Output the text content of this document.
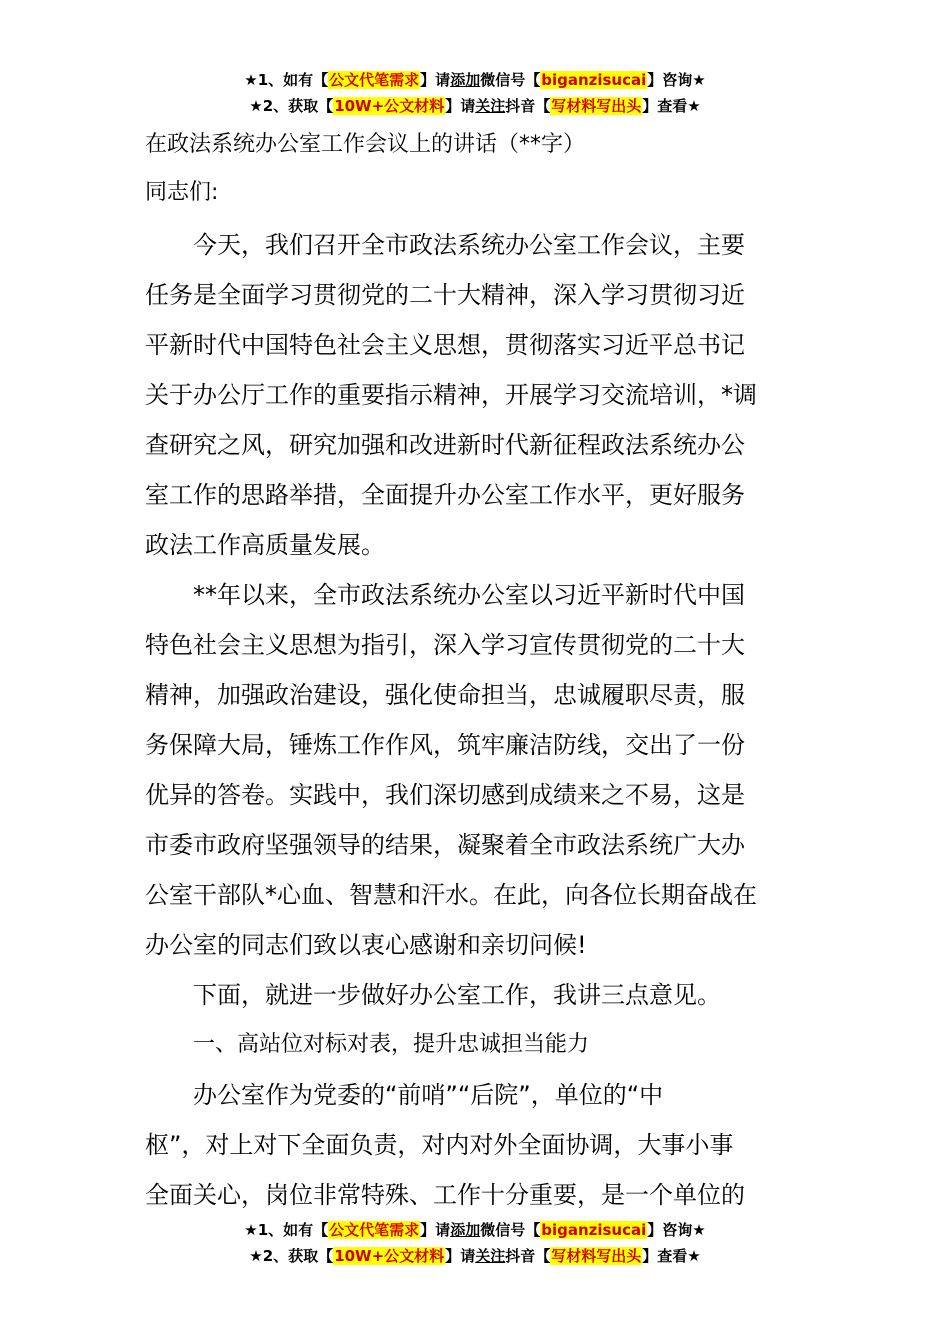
★1、如有【公文代笔需求】请添加微信号【biganzisucai】咨询★
★2、获取【10W+公文材料】请关注抖音【写材料写出头】查看★
在政法系统办公室工作会议上的讲话（**字）
同志们:
今天，我们召开全市政法系统办公室工作会议，主要
任务是全面学习贯彻党的二十大精神，深入学习贯彻习近
平新时代中国特色社会主义思想，贯彻落实习近平总书记
关于办公厅工作的重要指示精神，开展学习交流培训，*调
查研究之风，研究加强和改进新时代新征程政法系统办公
室工作的思路举措，全面提升办公室工作水平，更好服务
政法工作高质量发展。
**年以来，全市政法系统办公室以习近平新时代中国
特色社会主义思想为指引，深入学习宣传贯彻党的二十大
精神，加强政治建设，强化使命担当，忠诚履职尽责，服
务保障大局，锤炼工作作风，筑牢廉洁防线，交出了一份
优异的答卷。实践中，我们深切感到成绩来之不易，这是
市委市政府坚强领导的结果，凝聚着全市政法系统广大办
公室干部队*心血、智慧和汗水。在此，向各位长期奋战在
办公室的同志们致以衷心感谢和亲切问候!
下面，就进一步做好办公室工作，我讲三点意见。
一、高站位对标对表，提升忠诚担当能力
办公室作为党委的“前哨”“后院”，单位的“中
枢”，对上对下全面负责，对内对外全面协调，大事小事
全面关心，岗位非常特殊、工作十分重要，是一个单位的
★1、如有【公文代笔需求】请添加微信号【biganzisucai】咨询★
★2、获取【10W+公文材料】请关注抖音【写材料写出头】查看★
